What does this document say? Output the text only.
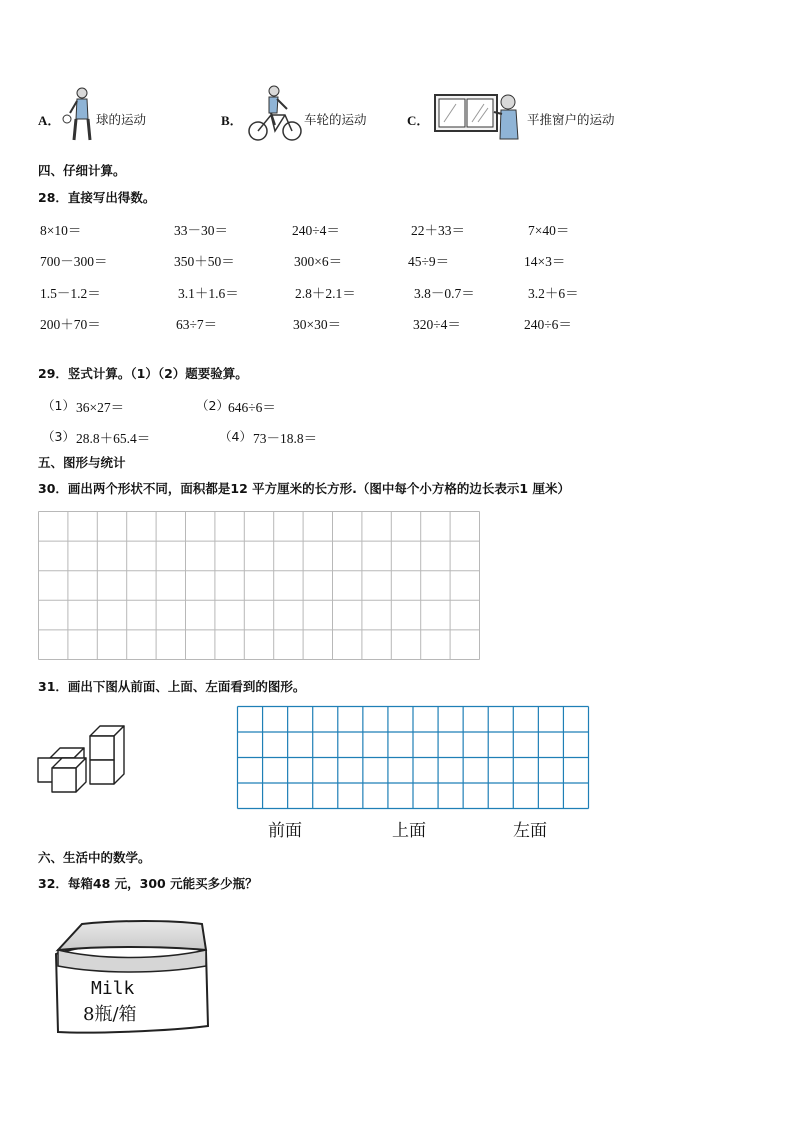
A．	球的运动	B．	车轮的运动	C．	平推窗户的运动
四、仔细计算。
28．直接写出得数。
8×10＝	33－30＝	240÷4＝	22＋33＝	7×40＝
700－300＝	350＋50＝	300×6＝	45÷9＝	14×3＝
1.5－1.2＝	3.1＋1.6＝	2.8＋2.1＝	3.8－0.7＝	3.2＋6＝
200＋70＝	63÷7＝	30×30＝	320÷4＝	240÷6＝
29．竖式计算。（1）（2）题要验算。
（1） 36×27＝	（2） 646÷6＝
（3） 28.8＋65.4＝	（4） 73－18.8＝
五、图形与统计
30．画出两个形状不同，面积都是12 平方厘米的长方形.（图中每个小方格的边长表示1 厘米）
31．画出下图从前面、上面、左面看到的图形。
前面	上面	左面
六、生活中的数学。
32．每箱48 元，300 元能买多少瓶？
Milk
8瓶/箱
